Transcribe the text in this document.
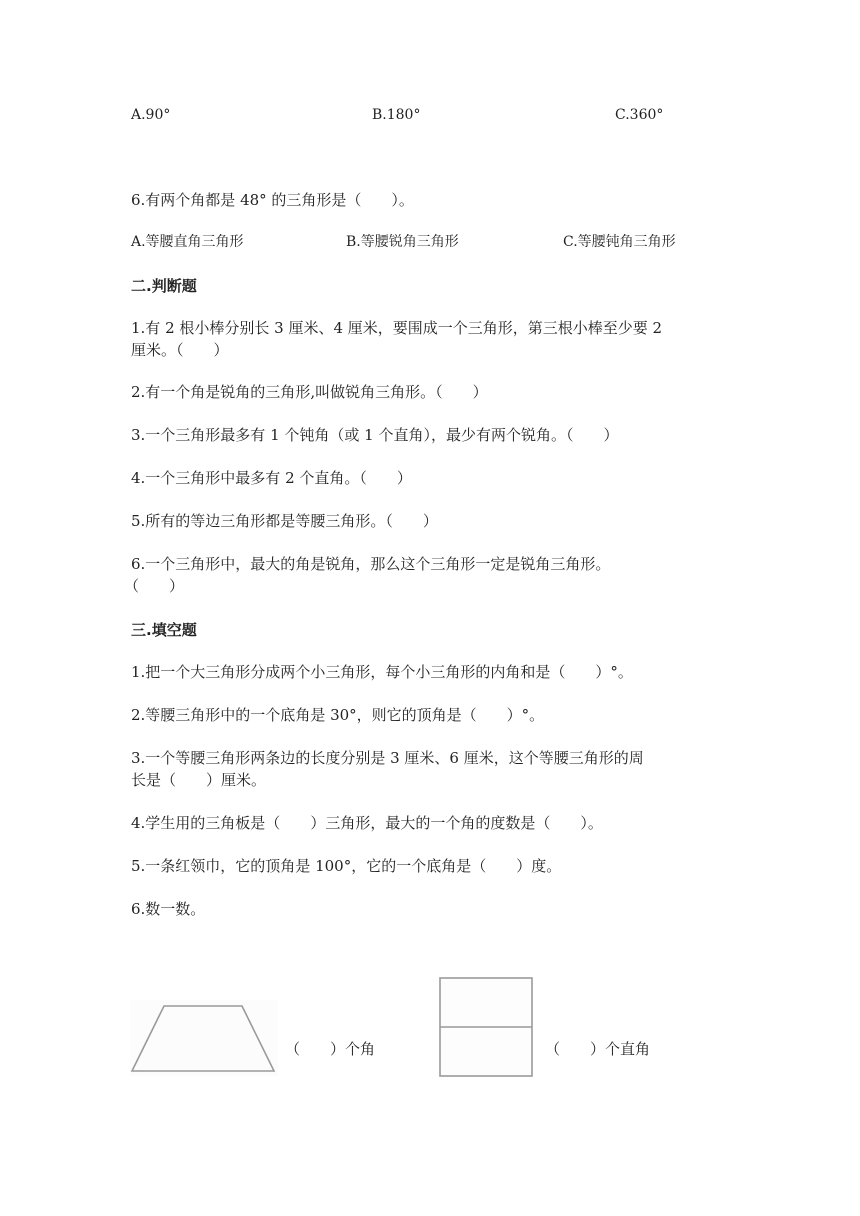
A.90°	B.180°	C.360°
6.有两个角都是 48° 的三角形是（　　）。
A.等腰直角三角形	B.等腰锐角三角形	C.等腰钝角三角形
二.判断题
1.有 2 根小棒分别长 3 厘米、4 厘米，要围成一个三角形，第三根小棒至少要 2
厘米。（　　）
2.有一个角是锐角的三角形,叫做锐角三角形。（　　）
3.一个三角形最多有 1 个钝角（或 1 个直角），最少有两个锐角。（　　）
4.一个三角形中最多有 2 个直角。（　　）
5.所有的等边三角形都是等腰三角形。（　　）
6.一个三角形中，最大的角是锐角，那么这个三角形一定是锐角三角形。
（　　）
三.填空题
1.把一个大三角形分成两个小三角形，每个小三角形的内角和是（　　）°。
2.等腰三角形中的一个底角是 30°，则它的顶角是（　　）°。
3.一个等腰三角形两条边的长度分别是 3 厘米、6 厘米，这个等腰三角形的周
长是（　　）厘米。
4.学生用的三角板是（　　）三角形，最大的一个角的度数是（　　）。
5.一条红领巾，它的顶角是 100°，它的一个底角是（　　）度。
6.数一数。
（　　）个角	（　　）个直角
